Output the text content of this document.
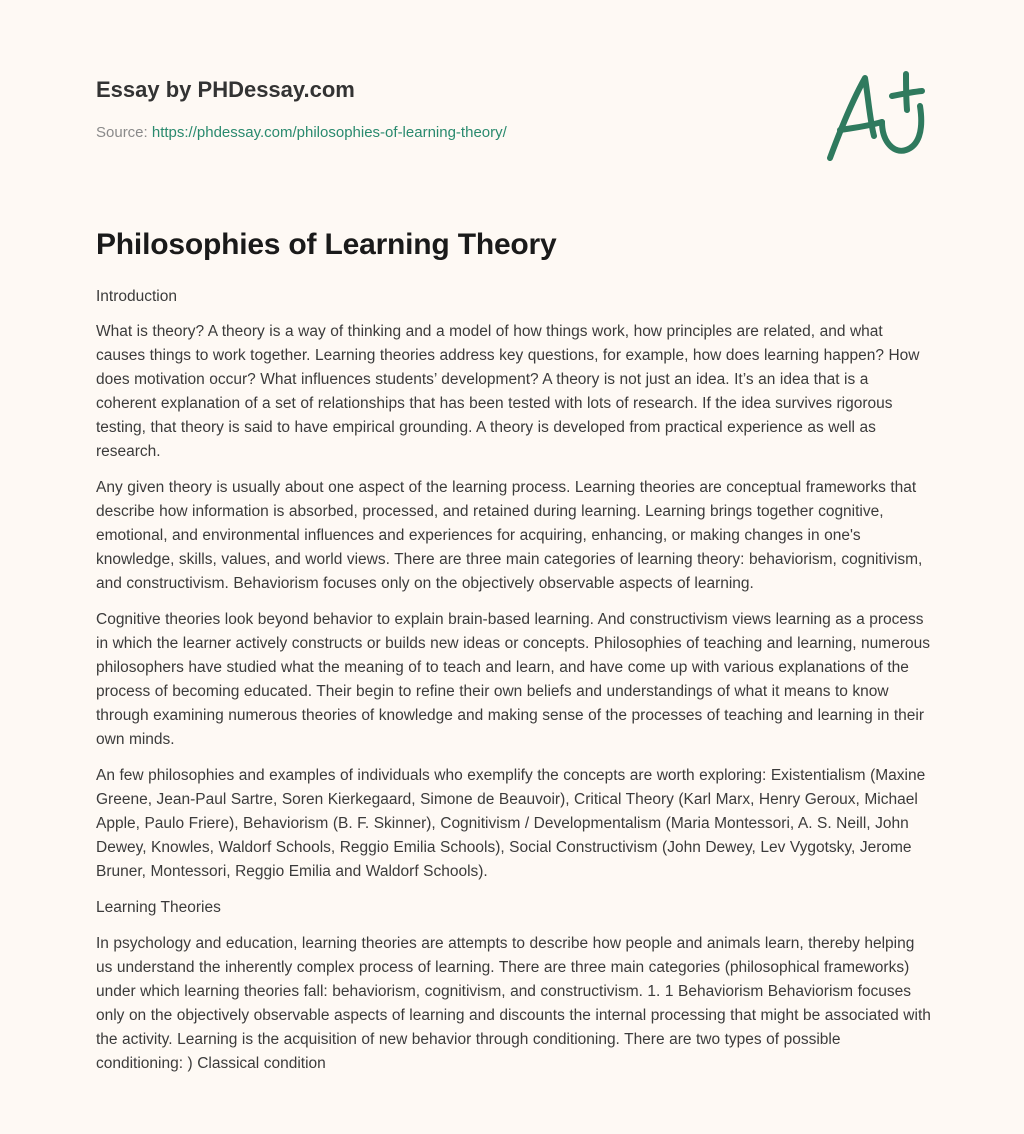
Essay by PHDessay.com
Source: https://phdessay.com/philosophies-of-learning-theory/
Philosophies of Learning Theory

Introduction

What is theory? A theory is a way of thinking and a model of how things work, how principles are related, and what causes things to work together. Learning theories address key questions, for example, how does learning happen? How does motivation occur? What influences students’ development? A theory is not just an idea. It’s an idea that is a coherent explanation of a set of relationships that has been tested with lots of research. If the idea survives rigorous testing, that theory is said to have empirical grounding. A theory is developed from practical experience as well as research.

Any given theory is usually about one aspect of the learning process. Learning theories are conceptual frameworks that describe how information is absorbed, processed, and retained during learning. Learning brings together cognitive, emotional, and environmental influences and experiences for acquiring, enhancing, or making changes in one's knowledge, skills, values, and world views. There are three main categories of learning theory: behaviorism, cognitivism, and constructivism. Behaviorism focuses only on the objectively observable aspects of learning.

Cognitive theories look beyond behavior to explain brain-based learning. And constructivism views learning as a process in which the learner actively constructs or builds new ideas or concepts. Philosophies of teaching and learning, numerous philosophers have studied what the meaning of to teach and learn, and have come up with various explanations of the process of becoming educated. Their begin to refine their own beliefs and understandings of what it means to know through examining numerous theories of knowledge and making sense of the processes of teaching and learning in their own minds.

An few philosophies and examples of individuals who exemplify the concepts are worth exploring: Existentialism (Maxine Greene, Jean-Paul Sartre, Soren Kierkegaard, Simone de Beauvoir), Critical Theory (Karl Marx, Henry Geroux, Michael Apple, Paulo Friere), Behaviorism (B. F. Skinner), Cognitivism / Developmentalism (Maria Montessori, A. S. Neill, John Dewey, Knowles, Waldorf Schools, Reggio Emilia Schools), Social Constructivism (John Dewey, Lev Vygotsky, Jerome Bruner, Montessori, Reggio Emilia and Waldorf Schools).

Learning Theories

In psychology and education, learning theories are attempts to describe how people and animals learn, thereby helping us understand the inherently complex process of learning. There are three main categories (philosophical frameworks) under which learning theories fall: behaviorism, cognitivism, and constructivism. 1. 1 Behaviorism Behaviorism focuses only on the objectively observable aspects of learning and discounts the internal processing that might be associated with the activity. Learning is the acquisition of new behavior through conditioning. There are two types of possible conditioning: ) Classical condition
